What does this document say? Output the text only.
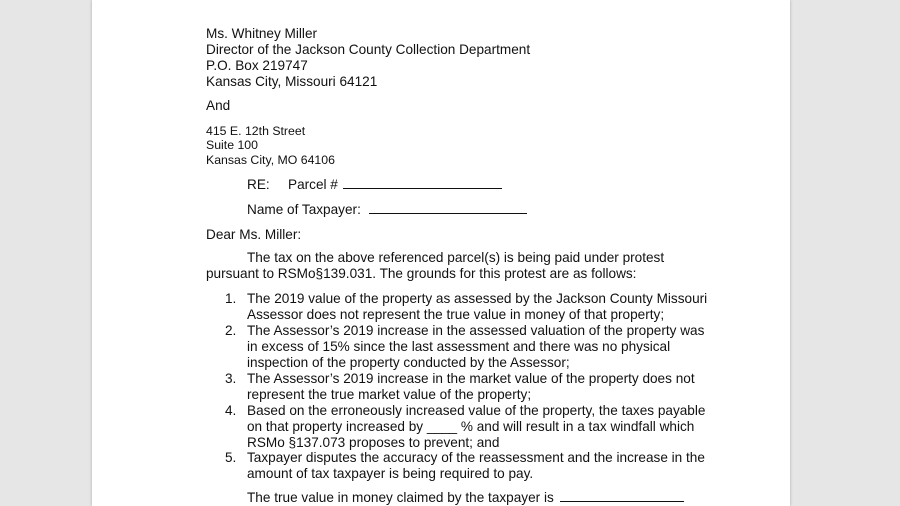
Ms. Whitney Miller
Director of the Jackson County Collection Department
P.O. Box 219747
Kansas City, Missouri 64121
And
415 E. 12th Street
Suite 100
Kansas City, MO 64106
RE: Parcel #
Name of Taxpayer:
Dear Ms. Miller:
The tax on the above referenced parcel(s) is being paid under protest
pursuant to RSMo§139.031. The grounds for this protest are as follows:
1. The 2019 value of the property as assessed by the Jackson County Missouri
Assessor does not represent the true value in money of that property;
2. The Assessor’s 2019 increase in the assessed valuation of the property was
in excess of 15% since the last assessment and there was no physical
inspection of the property conducted by the Assessor;
3. The Assessor’s 2019 increase in the market value of the property does not
represent the true market value of the property;
4. Based on the erroneously increased value of the property, the taxes payable
on that property increased by ____ % and will result in a tax windfall which
RSMo §137.073 proposes to prevent; and
5. Taxpayer disputes the accuracy of the reassessment and the increase in the
amount of tax taxpayer is being required to pay.
The true value in money claimed by the taxpayer is
